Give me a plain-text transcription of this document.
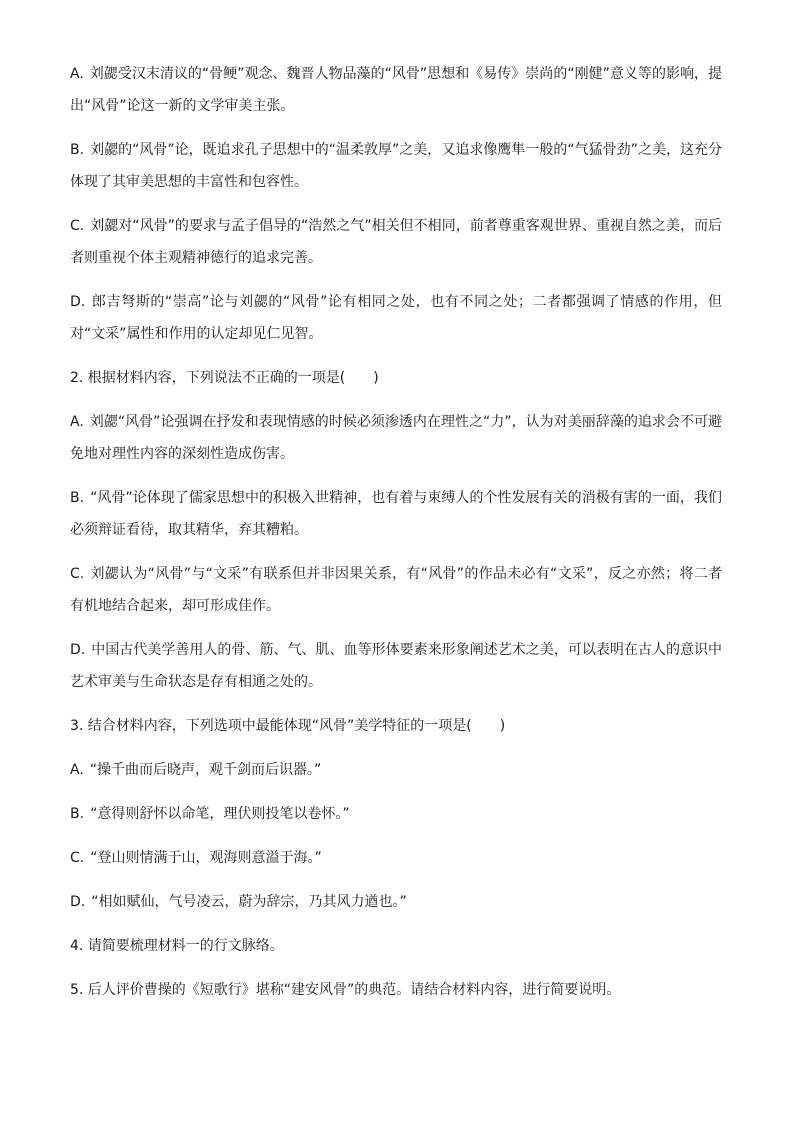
A. 刘勰受汉末清议的“骨鲠”观念、魏晋人物品藻的“风骨”思想和《易传》崇尚的“刚健”意义等的影响，提出“风骨”论这一新的文学审美主张。

B. 刘勰的“风骨”论，既追求孔子思想中的“温柔敦厚”之美，又追求像鹰隼一般的“气猛骨劲”之美，这充分体现了其审美思想的丰富性和包容性。

C. 刘勰对“风骨”的要求与孟子倡导的“浩然之气”相关但不相同，前者尊重客观世界、重视自然之美，而后者则重视个体主观精神德行的追求完善。

D. 郎吉弩斯的“崇高”论与刘勰的“风骨”论有相同之处，也有不同之处；二者都强调了情感的作用，但对“文采”属性和作用的认定却见仁见智。

2. 根据材料内容，下列说法不正确的一项是(　　)

A. 刘勰“风骨”论强调在抒发和表现情感的时候必须渗透内在理性之“力”，认为对美丽辞藻的追求会不可避免地对理性内容的深刻性造成伤害。

B. “风骨”论体现了儒家思想中的积极入世精神，也有着与束缚人的个性发展有关的消极有害的一面，我们必须辩证看待，取其精华，弃其糟粕。

C. 刘勰认为“风骨”与“文采”有联系但并非因果关系，有“风骨”的作品未必有“文采”，反之亦然；将二者有机地结合起来，却可形成佳作。

D. 中国古代美学善用人的骨、筋、气、肌、血等形体要素来形象阐述艺术之美，可以表明在古人的意识中艺术审美与生命状态是存有相通之处的。

3. 结合材料内容，下列选项中最能体现“风骨”美学特征的一项是(　　)

A. “操千曲而后晓声，观千剑而后识器。”

B. “意得则舒怀以命笔，理伏则投笔以卷怀。”

C. “登山则情满于山，观海则意溢于海。”

D. “相如赋仙，气号凌云，蔚为辞宗，乃其风力遒也。”

4. 请简要梳理材料一的行文脉络。

5. 后人评价曹操的《短歌行》堪称“建安风骨”的典范。请结合材料内容，进行简要说明。
